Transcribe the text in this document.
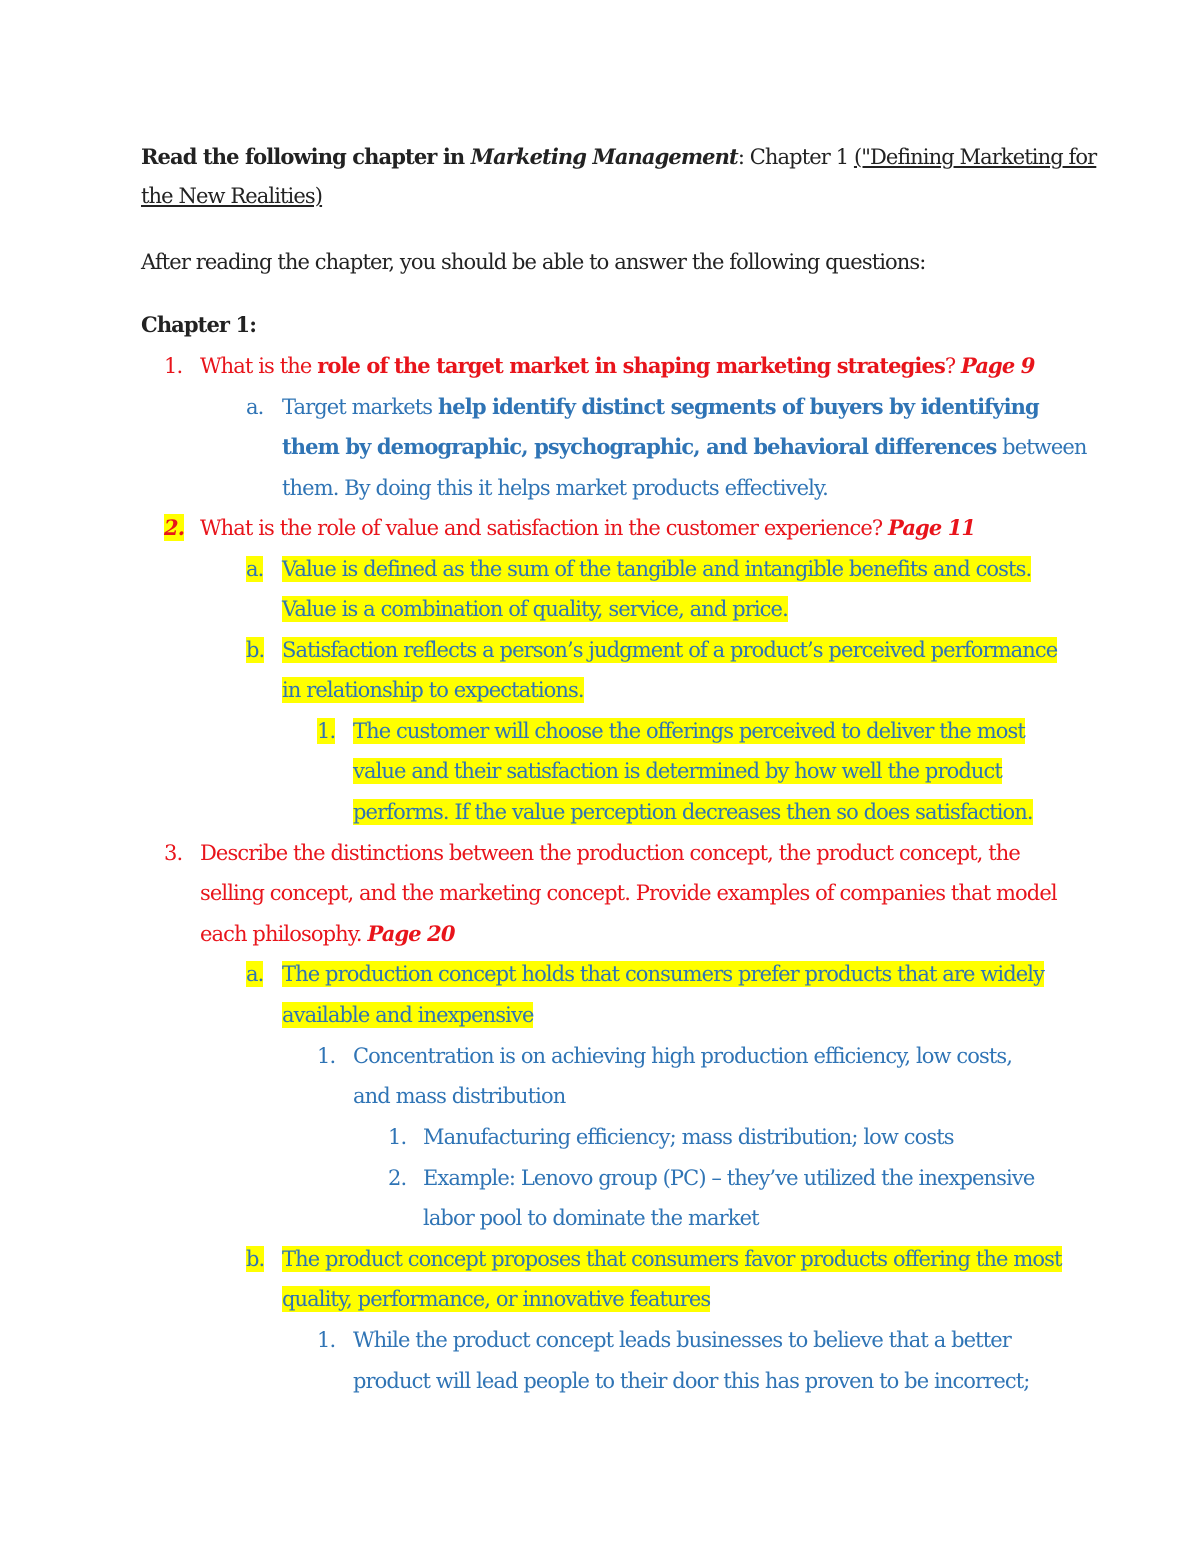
Read the following chapter in Marketing Management: Chapter 1 ("Defining Marketing for
the New Realities)
After reading the chapter, you should be able to answer the following questions:
Chapter 1:
1. What is the role of the target market in shaping marketing strategies? Page 9
a. Target markets help identify distinct segments of buyers by identifying
them by demographic, psychographic, and behavioral differences between
them. By doing this it helps market products effectively.
2. What is the role of value and satisfaction in the customer experience? Page 11
a. Value is defined as the sum of the tangible and intangible benefits and costs.
Value is a combination of quality, service, and price.
b. Satisfaction reflects a person’s judgment of a product’s perceived performance
in relationship to expectations.
1. The customer will choose the offerings perceived to deliver the most
value and their satisfaction is determined by how well the product
performs. If the value perception decreases then so does satisfaction.
3. Describe the distinctions between the production concept, the product concept, the
selling concept, and the marketing concept. Provide examples of companies that model
each philosophy. Page 20
a. The production concept holds that consumers prefer products that are widely
available and inexpensive
1. Concentration is on achieving high production efficiency, low costs,
and mass distribution
1. Manufacturing efficiency; mass distribution; low costs
2. Example: Lenovo group (PC) – they’ve utilized the inexpensive
labor pool to dominate the market
b. The product concept proposes that consumers favor products offering the most
quality, performance, or innovative features
1. While the product concept leads businesses to believe that a better
product will lead people to their door this has proven to be incorrect;
